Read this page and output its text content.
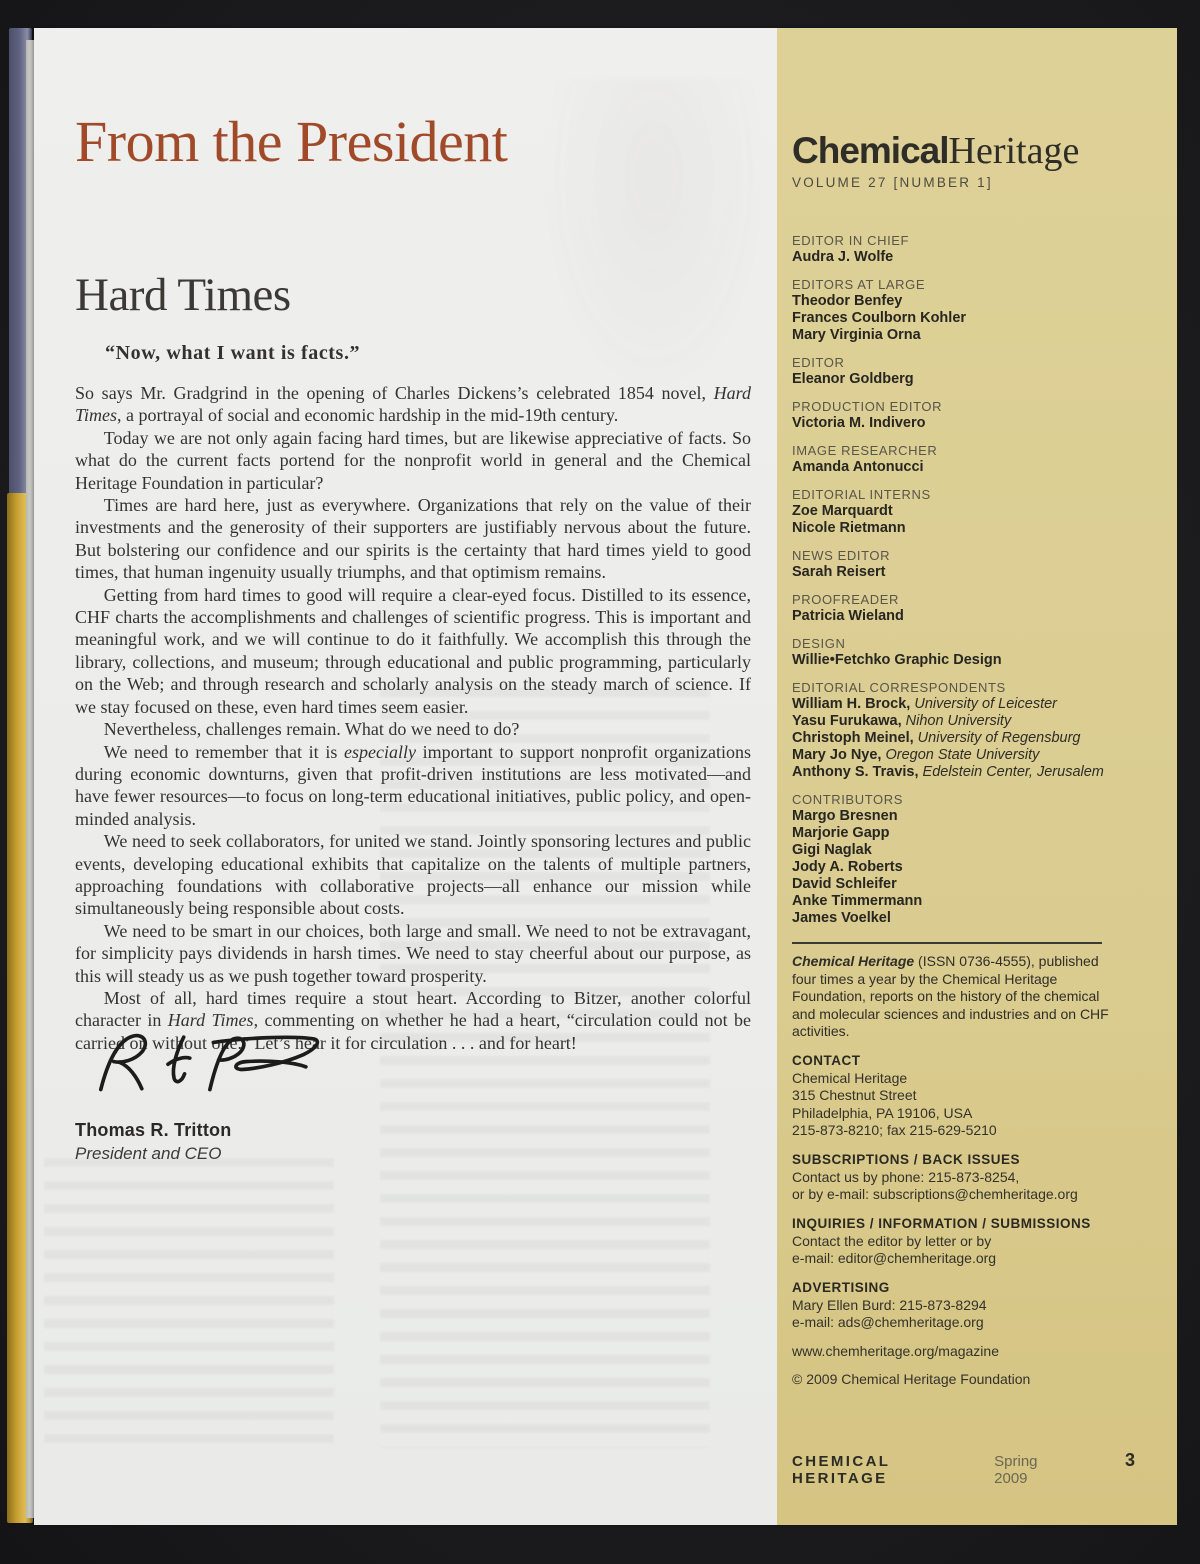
From the President
Hard Times

“Now, what I want is facts.”

So says Mr. Gradgrind in the opening of Charles Dickens’s celebrated 1854 novel, Hard Times, a portrayal of social and economic hardship in the mid-19th century.

Today we are not only again facing hard times, but are likewise appreciative of facts. So what do the current facts portend for the nonprofit world in general and the Chemical Heritage Foundation in particular?

Times are hard here, just as everywhere. Organizations that rely on the value of their investments and the generosity of their supporters are justifiably nervous about the future. But bolstering our confidence and our spirits is the certainty that hard times yield to good times, that human ingenuity usually triumphs, and that optimism remains.

Getting from hard times to good will require a clear-eyed focus. Distilled to its essence, CHF charts the accomplishments and challenges of scientific progress. This is important and meaningful work, and we will continue to do it faithfully. We accomplish this through the library, collections, and museum; through educational and public programming, particularly on the Web; and through research and scholarly analysis on the steady march of science. If we stay focused on these, even hard times seem easier.

Nevertheless, challenges remain. What do we need to do?

We need to remember that it is especially important to support nonprofit organizations during economic downturns, given that profit-driven institutions are less motivated—and have fewer resources—to focus on long-term educational initiatives, public policy, and open-minded analysis.

We need to seek collaborators, for united we stand. Jointly sponsoring lectures and public events, developing educational exhibits that capitalize on the talents of multiple partners, approaching foundations with collaborative projects—all enhance our mission while simultaneously being responsible about costs.

We need to be smart in our choices, both large and small. We need to not be extravagant, for simplicity pays dividends in harsh times. We need to stay cheerful about our purpose, as this will steady us as we push together toward prosperity.

Most of all, hard times require a stout heart. According to Bitzer, another colorful character in Hard Times, commenting on whether he had a heart, “circulation could not be carried on without one.” Let’s hear it for circulation . . . and for heart!

Thomas R. Tritton

President and CEO

ChemicalHeritage
VOLUME 27 [NUMBER 1]
EDITOR IN CHIEF
Audra J. Wolfe
EDITORS AT LARGE
Theodor Benfey
Frances Coulborn Kohler
Mary Virginia Orna
EDITOR
Eleanor Goldberg
PRODUCTION EDITOR
Victoria M. Indivero
IMAGE RESEARCHER
Amanda Antonucci
EDITORIAL INTERNS
Zoe Marquardt
Nicole Rietmann
NEWS EDITOR
Sarah Reisert
PROOFREADER
Patricia Wieland
DESIGN
Willie•Fetchko Graphic Design
EDITORIAL CORRESPONDENTS
William H. Brock, University of Leicester
Yasu Furukawa, Nihon University
Christoph Meinel, University of Regensburg
Mary Jo Nye, Oregon State University
Anthony S. Travis, Edelstein Center, Jerusalem
CONTRIBUTORS
Margo Bresnen
Marjorie Gapp
Gigi Naglak
Jody A. Roberts
David Schleifer
Anke Timmermann
James Voelkel
Chemical Heritage (ISSN 0736-4555), published four times a year by the Chemical Heritage Foundation, reports on the history of the chemical and molecular sciences and industries and on CHF activities.
CONTACT
Chemical Heritage
315 Chestnut Street
Philadelphia, PA 19106, USA
215-873-8210; fax 215-629-5210
SUBSCRIPTIONS / BACK ISSUES
Contact us by phone: 215-873-8254,
or by e-mail: subscriptions@chemheritage.org
INQUIRIES / INFORMATION / SUBMISSIONS
Contact the editor by letter or by
e-mail: editor@chemheritage.org
ADVERTISING
Mary Ellen Burd: 215-873-8294
e-mail: ads@chemheritage.org
www.chemheritage.org/magazine
© 2009 Chemical Heritage Foundation
CHEMICAL HERITAGE
Spring 2009
3
